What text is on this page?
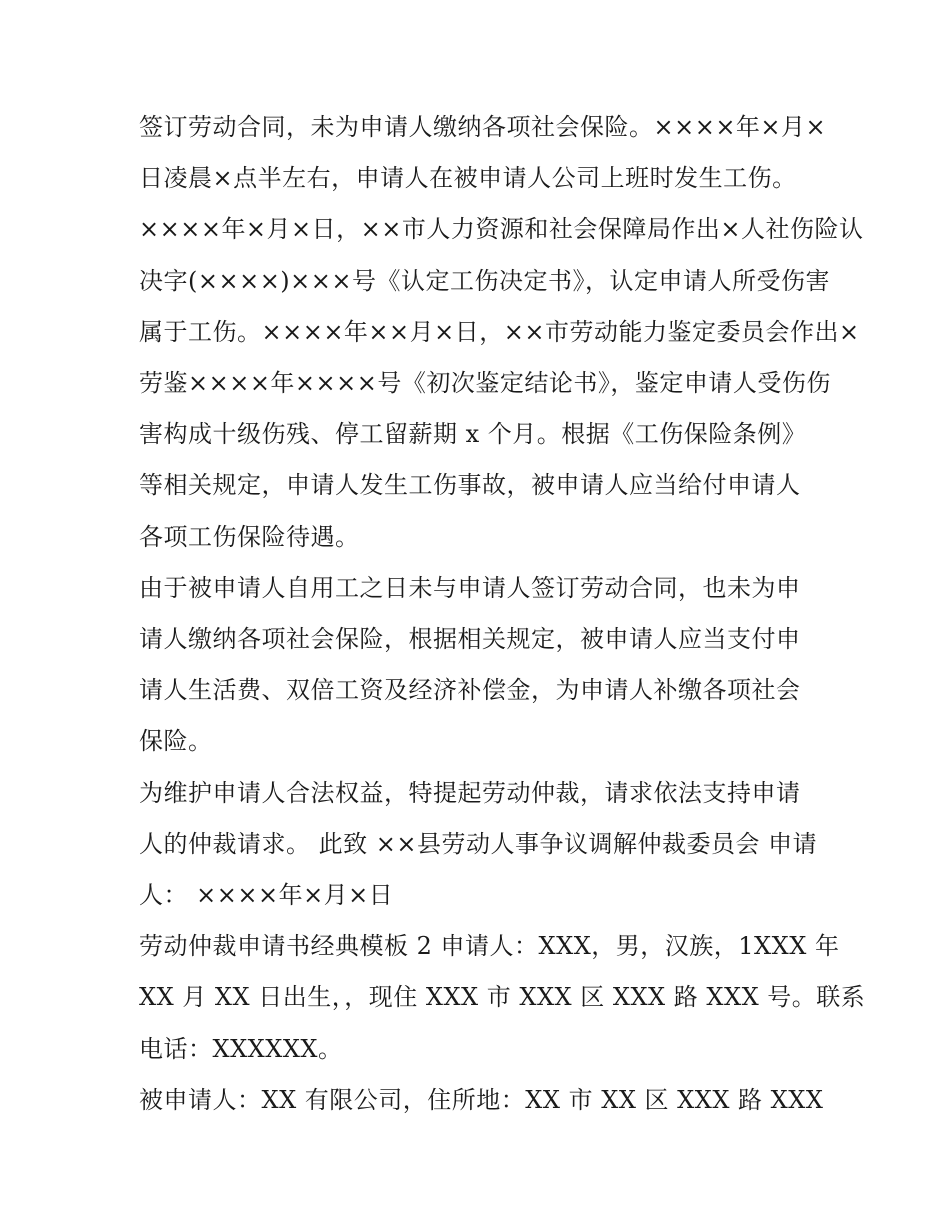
签订劳动合同，未为申请人缴纳各项社会保险。××××年×月×
日凌晨×点半左右，申请人在被申请人公司上班时发生工伤。
××××年×月×日，××市人力资源和社会保障局作出×人社伤险认
决字(××××)×××号《认定工伤决定书》，认定申请人所受伤害
属于工伤。××××年××月×日，××市劳动能力鉴定委员会作出×
劳鉴××××年××××号《初次鉴定结论书》，鉴定申请人受伤伤
害构成十级伤残、停工留薪期 x 个月。根据《工伤保险条例》
等相关规定，申请人发生工伤事故，被申请人应当给付申请人
各项工伤保险待遇。
由于被申请人自用工之日未与申请人签订劳动合同，也未为申
请人缴纳各项社会保险，根据相关规定，被申请人应当支付申
请人生活费、双倍工资及经济补偿金，为申请人补缴各项社会
保险。
为维护申请人合法权益，特提起劳动仲裁，请求依法支持申请
人的仲裁请求。 此致 ××县劳动人事争议调解仲裁委员会 申请
人： ××××年×月×日
劳动仲裁申请书经典模板 2 申请人：XXX，男，汉族，1XXX 年
XX 月 XX 日出生，，现住 XXX 市 XXX 区 XXX 路 XXX 号。联系
电话：XXXXXX。
被申请人：XX 有限公司，住所地：XX 市 XX 区 XXX 路 XXX
